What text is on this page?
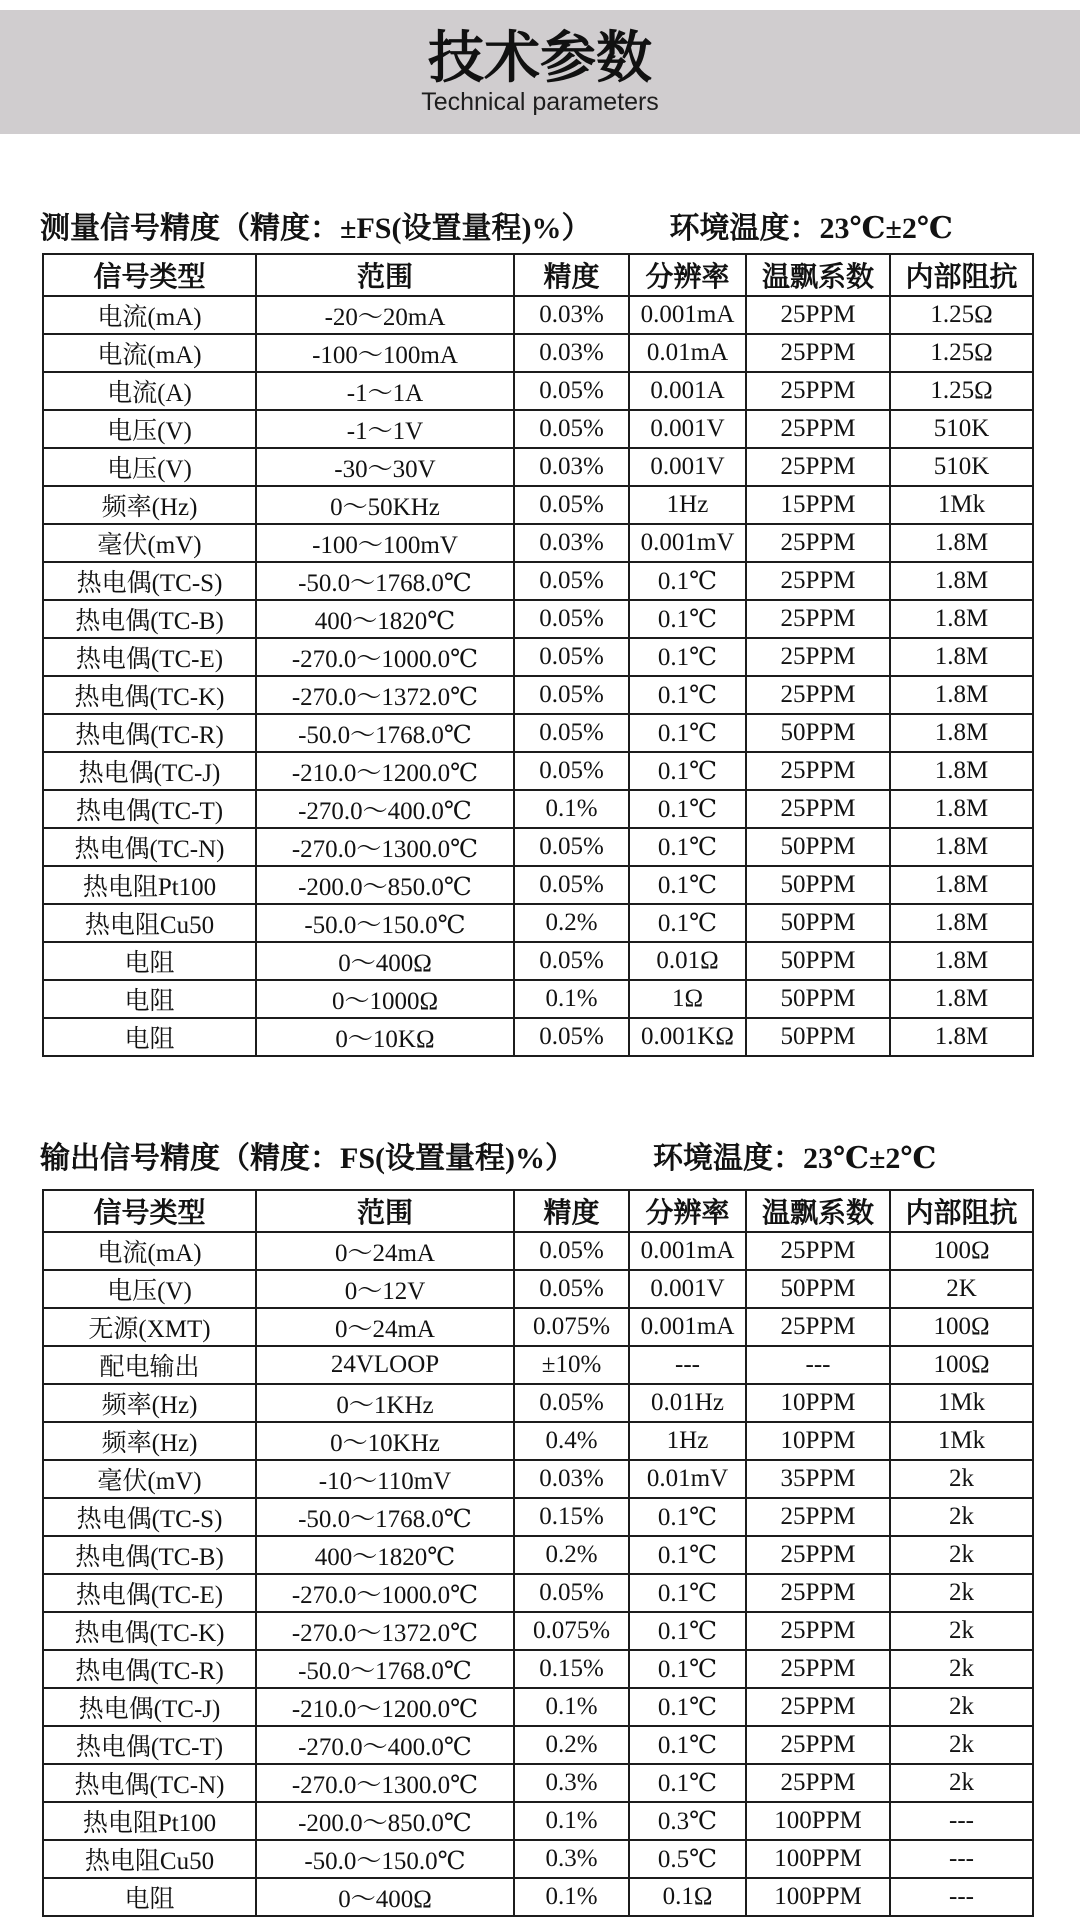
技术参数
Technical parameters
测量信号精度（精度：±FS(设置量程)%）	环境温度：23℃±2℃
信号类型	范围	精度	分辨率	温飘系数	内部阻抗
电流(mA)	-20～20mA	0.03%	0.001mA	25PPM	1.25Ω
电流(mA)	-100～100mA	0.03%	0.01mA	25PPM	1.25Ω
电流(A)	-1～1A	0.05%	0.001A	25PPM	1.25Ω
电压(V)	-1～1V	0.05%	0.001V	25PPM	510K
电压(V)	-30～30V	0.03%	0.001V	25PPM	510K
频率(Hz)	0～50KHz	0.05%	1Hz	15PPM	1Mk
毫伏(mV)	-100～100mV	0.03%	0.001mV	25PPM	1.8M
热电偶(TC-S)	-50.0～1768.0℃	0.05%	0.1℃	25PPM	1.8M
热电偶(TC-B)	400～1820℃	0.05%	0.1℃	25PPM	1.8M
热电偶(TC-E)	-270.0～1000.0℃	0.05%	0.1℃	25PPM	1.8M
热电偶(TC-K)	-270.0～1372.0℃	0.05%	0.1℃	25PPM	1.8M
热电偶(TC-R)	-50.0～1768.0℃	0.05%	0.1℃	50PPM	1.8M
热电偶(TC-J)	-210.0～1200.0℃	0.05%	0.1℃	25PPM	1.8M
热电偶(TC-T)	-270.0～400.0℃	0.1%	0.1℃	25PPM	1.8M
热电偶(TC-N)	-270.0～1300.0℃	0.05%	0.1℃	50PPM	1.8M
热电阻Pt100	-200.0～850.0℃	0.05%	0.1℃	50PPM	1.8M
热电阻Cu50	-50.0～150.0℃	0.2%	0.1℃	50PPM	1.8M
电阻	0～400Ω	0.05%	0.01Ω	50PPM	1.8M
电阻	0～1000Ω	0.1%	1Ω	50PPM	1.8M
电阻	0～10KΩ	0.05%	0.001KΩ	50PPM	1.8M
输出信号精度（精度：FS(设置量程)%）	环境温度：23℃±2℃
信号类型	范围	精度	分辨率	温飘系数	内部阻抗
电流(mA)	0～24mA	0.05%	0.001mA	25PPM	100Ω
电压(V)	0～12V	0.05%	0.001V	50PPM	2K
无源(XMT)	0～24mA	0.075%	0.001mA	25PPM	100Ω
配电输出	24VLOOP	±10%	---	---	100Ω
频率(Hz)	0～1KHz	0.05%	0.01Hz	10PPM	1Mk
频率(Hz)	0～10KHz	0.4%	1Hz	10PPM	1Mk
毫伏(mV)	-10～110mV	0.03%	0.01mV	35PPM	2k
热电偶(TC-S)	-50.0～1768.0℃	0.15%	0.1℃	25PPM	2k
热电偶(TC-B)	400～1820℃	0.2%	0.1℃	25PPM	2k
热电偶(TC-E)	-270.0～1000.0℃	0.05%	0.1℃	25PPM	2k
热电偶(TC-K)	-270.0～1372.0℃	0.075%	0.1℃	25PPM	2k
热电偶(TC-R)	-50.0～1768.0℃	0.15%	0.1℃	25PPM	2k
热电偶(TC-J)	-210.0～1200.0℃	0.1%	0.1℃	25PPM	2k
热电偶(TC-T)	-270.0～400.0℃	0.2%	0.1℃	25PPM	2k
热电偶(TC-N)	-270.0～1300.0℃	0.3%	0.1℃	25PPM	2k
热电阻Pt100	-200.0～850.0℃	0.1%	0.3℃	100PPM	---
热电阻Cu50	-50.0～150.0℃	0.3%	0.5℃	100PPM	---
电阻	0～400Ω	0.1%	0.1Ω	100PPM	---
